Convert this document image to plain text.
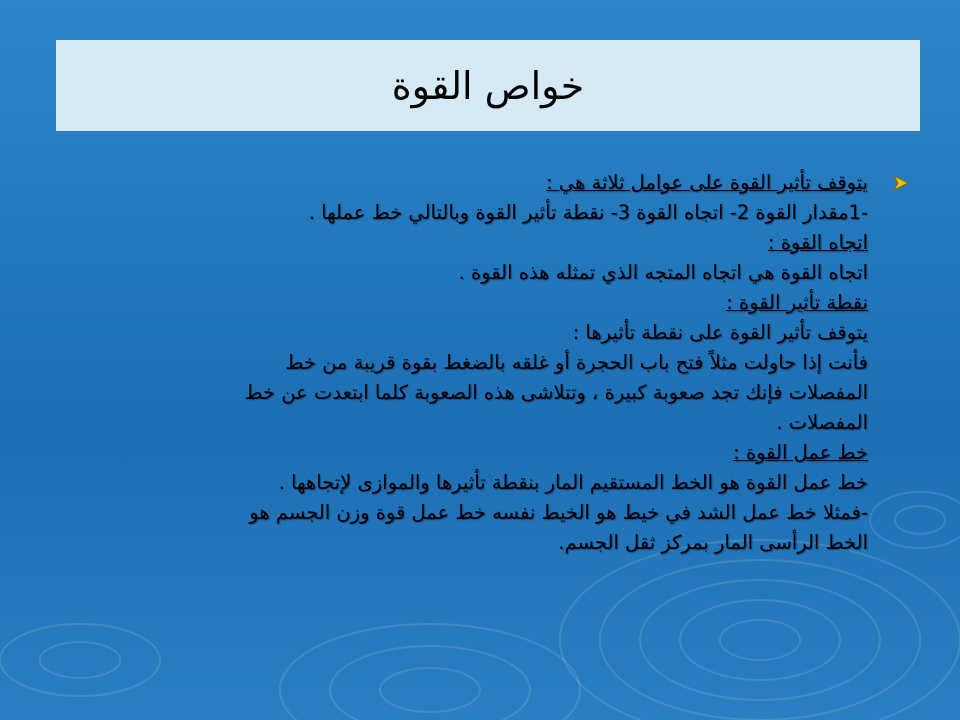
خواص القوة
يتوقف تأثير القوة على عوامل ثلاثة هي :
-1مقدار القوة 2- اتجاه القوة 3- نقطة تأثير القوة وبالتالي خط عملها .
اتجاه القوة :
اتجاه القوة هي اتجاه المتجه الذي تمثله هذه القوة .
نقطة تأثير القوة :
يتوقف تأثير القوة على نقطة تأثيرها :
فأنت إذا حاولت مثلاً فتح باب الحجرة أو غلقه بالضغط بقوة قريبة من خط
المفصلات فإنك تجد صعوبة كبيرة ، وتتلاشى هذه الصعوبة كلما ابتعدت عن خط
المفصلات .
خط عمل القوة :
خط عمل القوة هو الخط المستقيم المار بنقطة تأثيرها والموازى لإتجاهها .
-فمثلا خط عمل الشد في خيط هو الخيط نفسه خط عمل قوة وزن الجسم هو
الخط الرأسى المار بمركز ثقل الجسم.
